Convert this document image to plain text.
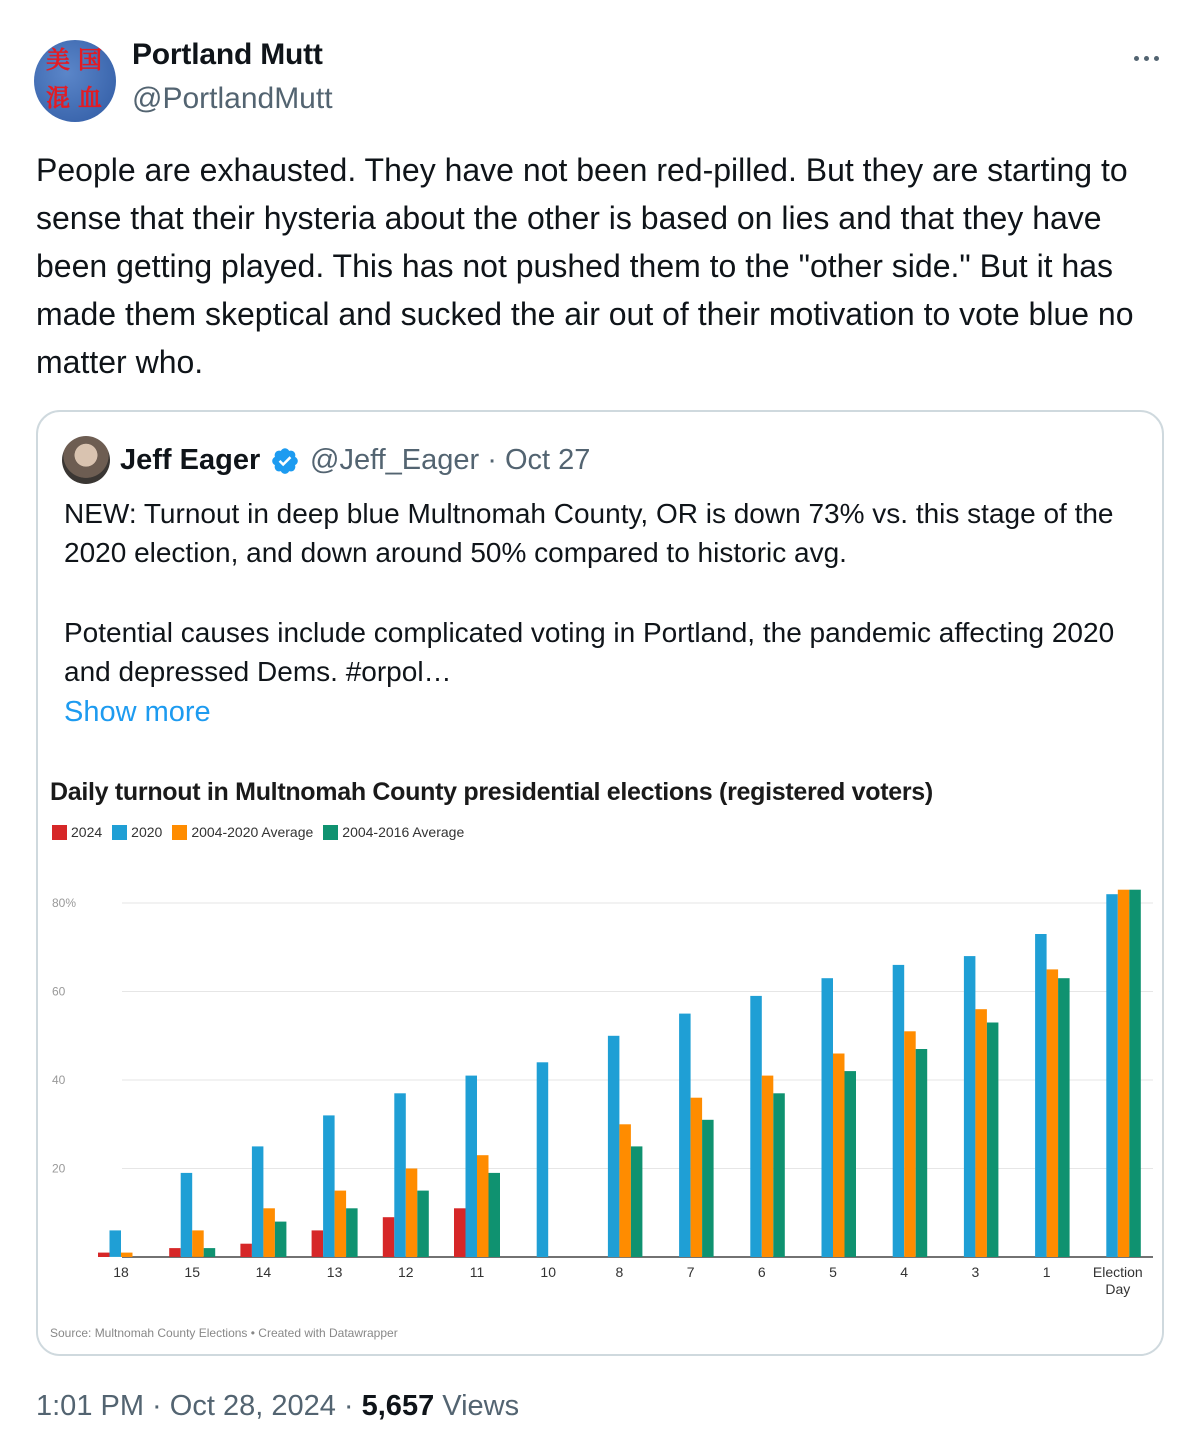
美 国
混 血
Portland Mutt
@PortlandMutt
People are exhausted. They have not been red-pilled. But they are starting to sense that their hysteria about the other is based on lies and that they have been getting played. This has not pushed them to the "other side." But it has made them skeptical and sucked the air out of their motivation to vote blue no matter who.
Jeff Eager @Jeff_Eager · Oct 27

NEW: Turnout in deep blue Multnomah County, OR is down 73% vs. this stage of the 2020 election, and down around 50% compared to historic avg.

Potential causes include complicated voting in Portland, the pandemic affecting 2020 and depressed Dems. #orpol…

Show more
80%
60
40
20
18	15	14	13	12	11	10	8	7	6	5	4	3	1	Election
Day
Daily turnout in Multnomah County presidential elections (registered voters)
2024 2020 2004-2020 Average 2004-2016 Average
Source: Multnomah County Elections • Created with Datawrapper
1:01 PM · Oct 28, 2024 · 5,657 Views
